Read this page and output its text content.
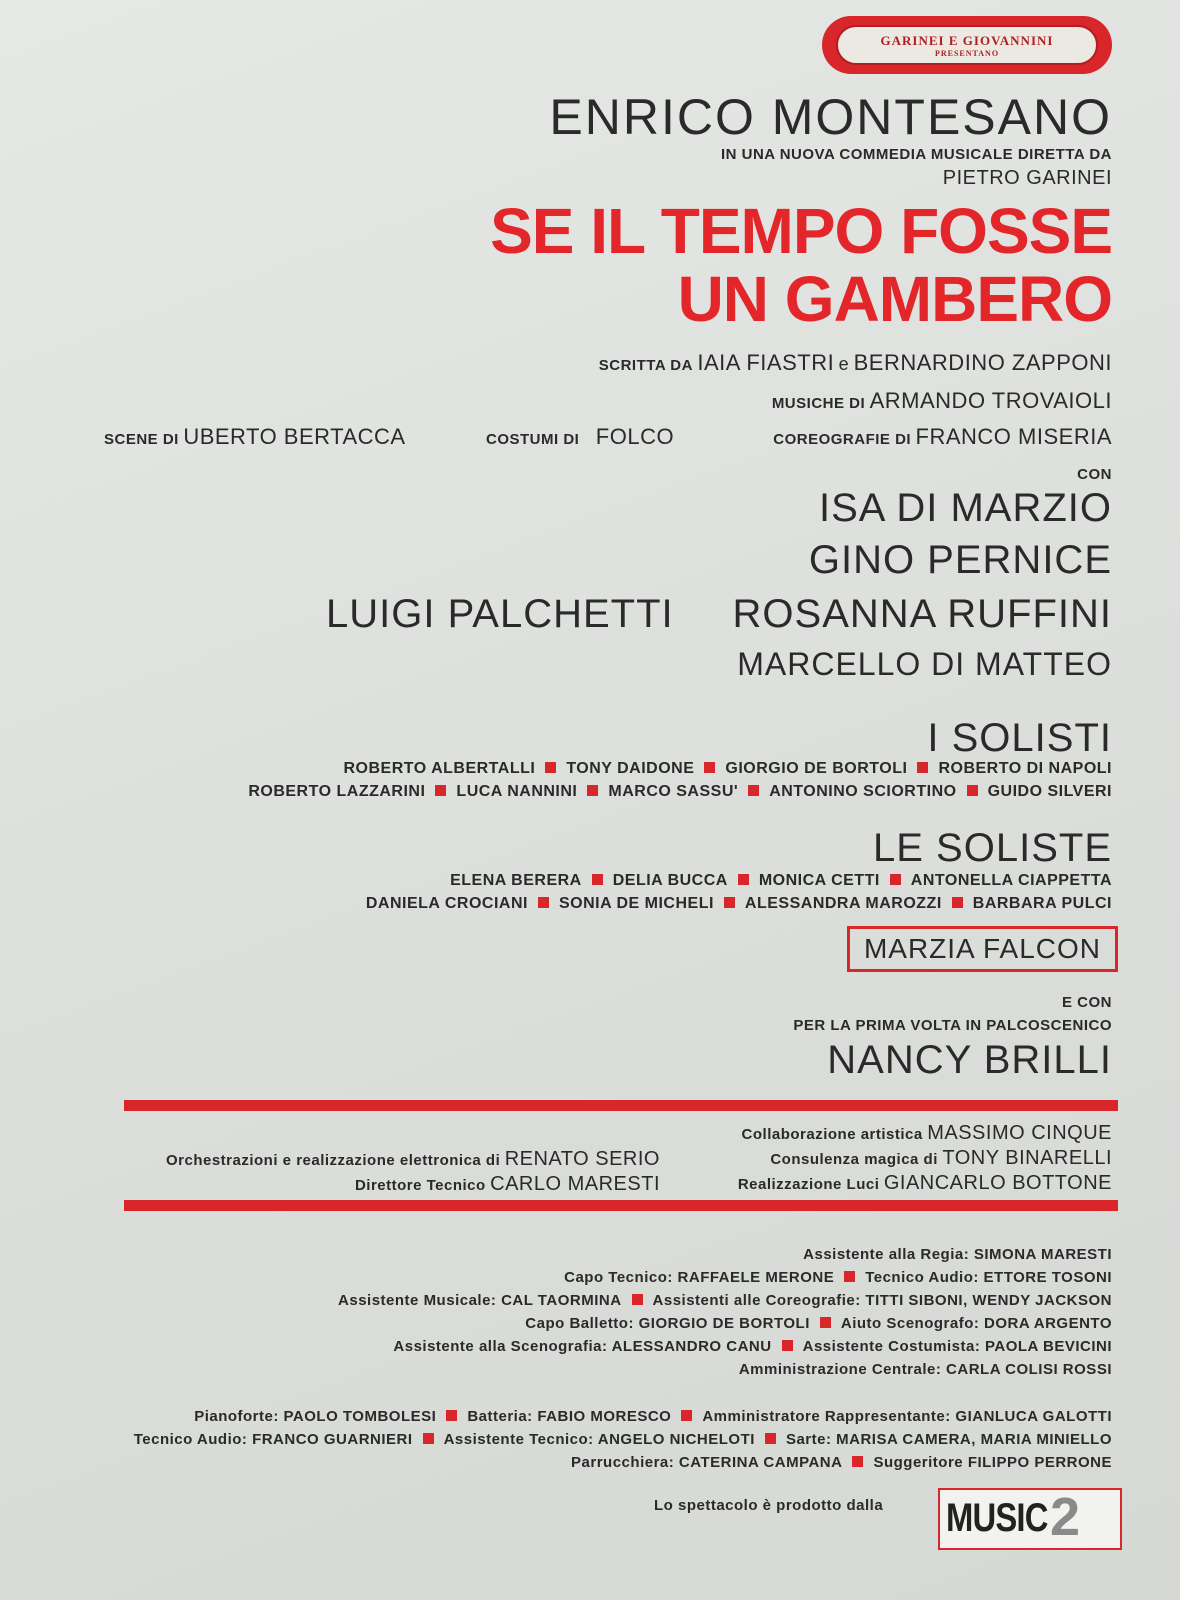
GARINEI E GIOVANNINI
PRESENTANO
ENRICO MONTESANO
IN UNA NUOVA COMMEDIA MUSICALE DIRETTA DA
PIETRO GARINEI
SE IL TEMPO FOSSE
UN GAMBERO
SCRITTA DA IAIA FIASTRI e BERNARDINO ZAPPONI
MUSICHE DI ARMANDO TROVAIOLI
SCENE DI UBERTO BERTACCA	COSTUMI DI FOLCO	COREOGRAFIE DI FRANCO MISERIA
CON
ISA DI MARZIO
GINO PERNICE
LUIGI PALCHETTI ROSANNA RUFFINI
MARCELLO DI MATTEO
I SOLISTI
ROBERTO ALBERTALLI TONY DAIDONE GIORGIO DE BORTOLI ROBERTO DI NAPOLI
ROBERTO LAZZARINI LUCA NANNINI MARCO SASSU' ANTONINO SCIORTINO GUIDO SILVERI
LE SOLISTE
ELENA BERERA DELIA BUCCA MONICA CETTI ANTONELLA CIAPPETTA
DANIELA CROCIANI SONIA DE MICHELI ALESSANDRA MAROZZI BARBARA PULCI
MARZIA FALCON
E CON
PER LA PRIMA VOLTA IN PALCOSCENICO
NANCY BRILLI
Orchestrazioni e realizzazione elettronica di RENATO SERIO
Direttore Tecnico CARLO MARESTI
Collaborazione artistica MASSIMO CINQUE
Consulenza magica di TONY BINARELLI
Realizzazione Luci GIANCARLO BOTTONE
Assistente alla Regia: SIMONA MARESTI
Capo Tecnico: RAFFAELE MERONE Tecnico Audio: ETTORE TOSONI
Assistente Musicale: CAL TAORMINA Assistenti alle Coreografie: TITTI SIBONI, WENDY JACKSON
Capo Balletto: GIORGIO DE BORTOLI Aiuto Scenografo: DORA ARGENTO
Assistente alla Scenografia: ALESSANDRO CANU Assistente Costumista: PAOLA BEVICINI
Amministrazione Centrale: CARLA COLISI ROSSI
Pianoforte: PAOLO TOMBOLESI Batteria: FABIO MORESCO Amministratore Rappresentante: GIANLUCA GALOTTI
Tecnico Audio: FRANCO GUARNIERI Assistente Tecnico: ANGELO NICHELOTI Sarte: MARISA CAMERA, MARIA MINIELLO
Parrucchiera: CATERINA CAMPANA Suggeritore FILIPPO PERRONE
Lo spettacolo è prodotto dalla MUSIC 2
